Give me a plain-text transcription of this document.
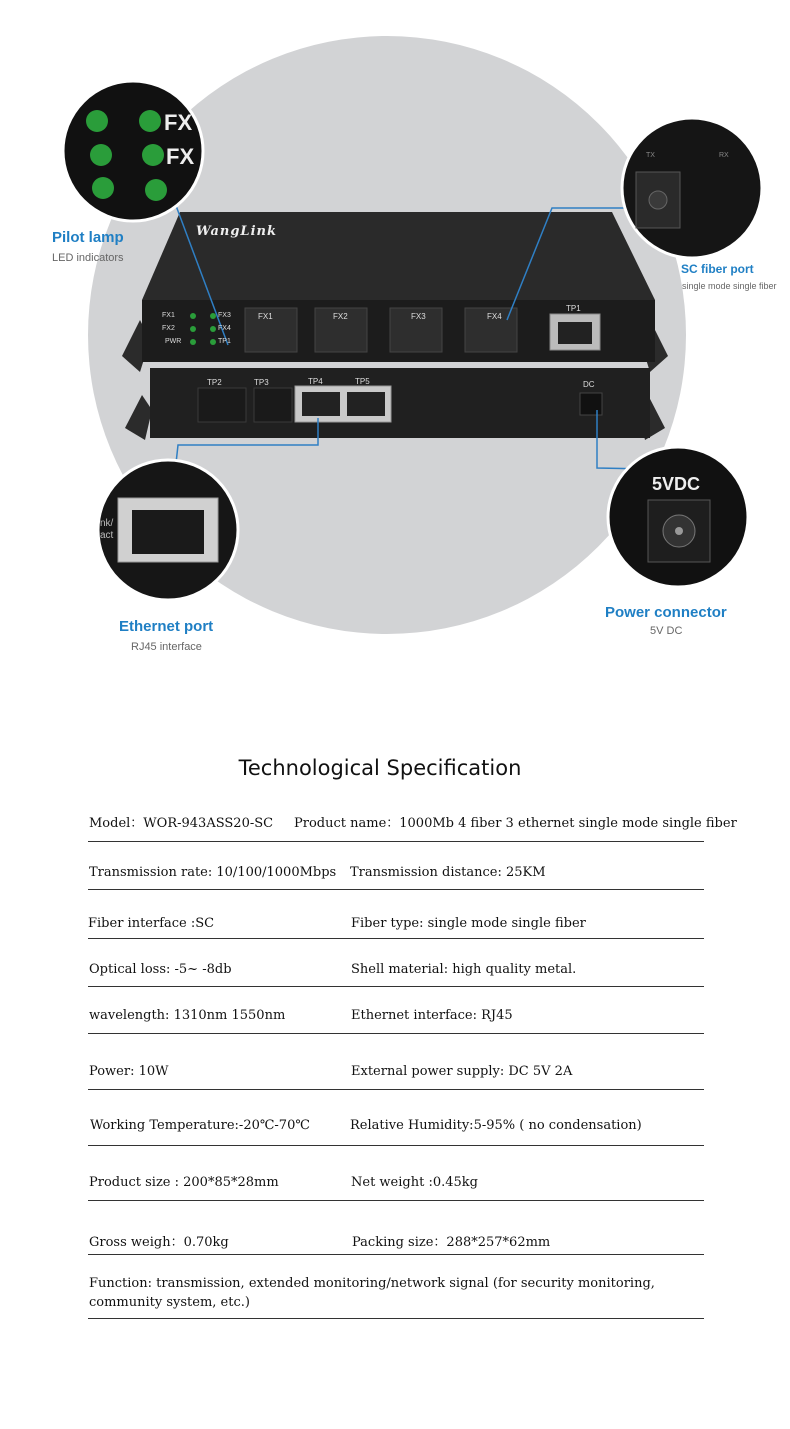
WangLink
FX1	FX2	FX3	FX4
TP1
FX1	FX3
FX2	FX4
PWR	TP1
TP2	TP3	TP4	TP5	DC
FX
FX	TX	RX
nk/ act
5VDC
Pilot lamp
LED indicators
SC fiber port
single mode single fiber
Ethernet port
RJ45 interface
Power connector
5V DC
Technological Specification
Model：WOR-943ASS20-SC Product name：1000Mb 4 fiber 3 ethernet single mode single fiber
Transmission rate: 10/100/1000Mbps Transmission distance: 25KM
Fiber interface :SC	Fiber type: single mode single fiber
Optical loss: -5~ -8db	Shell material: high quality metal.
wavelength: 1310nm 1550nm	Ethernet interface: RJ45
Power: 10W	External power supply: DC 5V 2A
Working Temperature:-20℃-70℃	Relative Humidity:5-95% ( no condensation)
Product size : 200*85*28mm	Net weight :0.45kg
Gross weigh：0.70kg	Packing size：288*257*62mm
Function: transmission, extended monitoring/network signal (for security monitoring, community system, etc.)
